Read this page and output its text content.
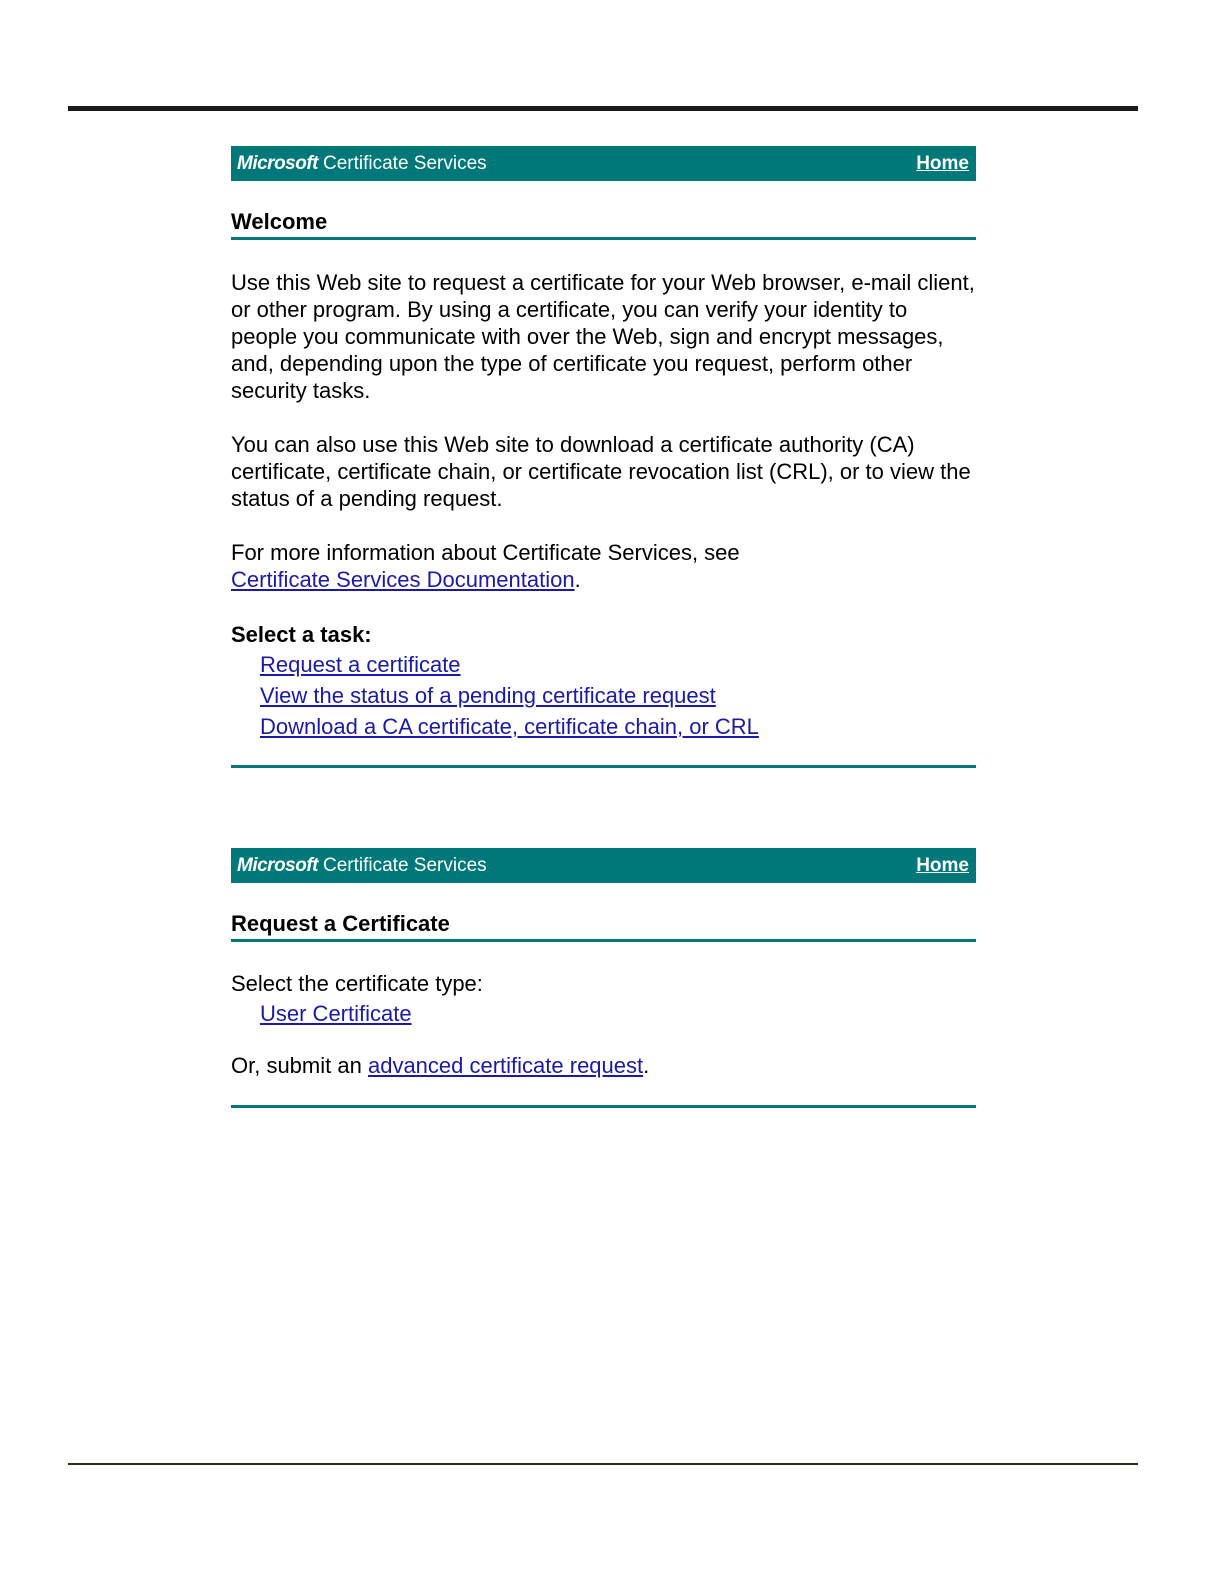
Microsoft Certificate Services	Home
Welcome

Use this Web site to request a certificate for your Web browser, e-mail client, or other program. By using a certificate, you can verify your identity to people you communicate with over the Web, sign and encrypt messages, and, depending upon the type of certificate you request, perform other security tasks.

You can also use this Web site to download a certificate authority (CA) certificate, certificate chain, or certificate revocation list (CRL), or to view the status of a pending request.

For more information about Certificate Services, see
Certificate Services Documentation.

Select a task:

Request a certificate
View the status of a pending certificate request
Download a CA certificate, certificate chain, or CRL
Microsoft Certificate Services	Home
Request a Certificate

Select the certificate type:

User Certificate

Or, submit an advanced certificate request.
